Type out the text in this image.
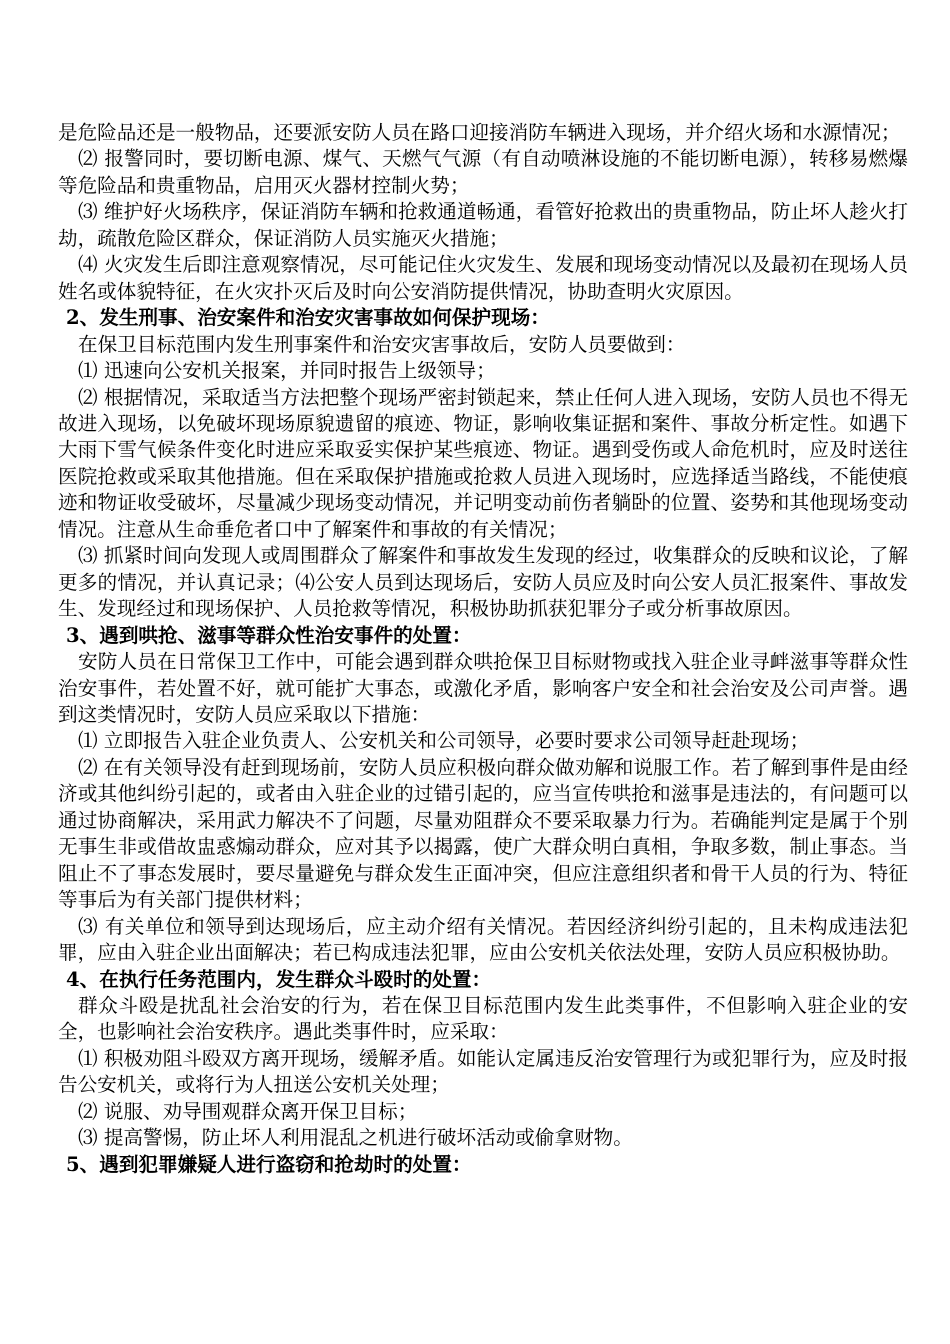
是危险品还是一般物品，还要派安防人员在路口迎接消防车辆进入现场，并介绍火场和水源情况；

⑵ 报警同时，要切断电源、煤气、天燃气气源（有自动喷淋设施的不能切断电源），转移易燃爆等危险品和贵重物品，启用灭火器材控制火势；

⑶ 维护好火场秩序，保证消防车辆和抢救通道畅通，看管好抢救出的贵重物品，防止坏人趁火打劫，疏散危险区群众，保证消防人员实施灭火措施；

⑷ 火灾发生后即注意观察情况，尽可能记住火灾发生、发展和现场变动情况以及最初在现场人员姓名或体貌特征，在火灾扑灭后及时向公安消防提供情况，协助查明火灾原因。

2、发生刑事、治安案件和治安灾害事故如何保护现场：

在保卫目标范围内发生刑事案件和治安灾害事故后，安防人员要做到：

⑴ 迅速向公安机关报案，并同时报告上级领导；

⑵ 根据情况，采取适当方法把整个现场严密封锁起来，禁止任何人进入现场，安防人员也不得无故进入现场，以免破坏现场原貌遗留的痕迹、物证，影响收集证据和案件、事故分析定性。如遇下大雨下雪气候条件变化时进应采取妥实保护某些痕迹、物证。遇到受伤或人命危机时，应及时送往医院抢救或采取其他措施。但在采取保护措施或抢救人员进入现场时，应选择适当路线，不能使痕迹和物证收受破坏，尽量减少现场变动情况，并记明变动前伤者躺卧的位置、姿势和其他现场变动情况。注意从生命垂危者口中了解案件和事故的有关情况；

⑶ 抓紧时间向发现人或周围群众了解案件和事故发生发现的经过，收集群众的反映和议论，了解更多的情况，并认真记录；⑷公安人员到达现场后，安防人员应及时向公安人员汇报案件、事故发生、发现经过和现场保护、人员抢救等情况，积极协助抓获犯罪分子或分析事故原因。

3、遇到哄抢、滋事等群众性治安事件的处置：

安防人员在日常保卫工作中，可能会遇到群众哄抢保卫目标财物或找入驻企业寻衅滋事等群众性治安事件，若处置不好，就可能扩大事态，或激化矛盾，影响客户安全和社会治安及公司声誉。遇到这类情况时，安防人员应采取以下措施：

⑴ 立即报告入驻企业负责人、公安机关和公司领导，必要时要求公司领导赶赴现场；

⑵ 在有关领导没有赶到现场前，安防人员应积极向群众做劝解和说服工作。若了解到事件是由经济或其他纠纷引起的，或者由入驻企业的过错引起的，应当宣传哄抢和滋事是违法的，有问题可以通过协商解决，采用武力解决不了问题，尽量劝阻群众不要采取暴力行为。若确能判定是属于个别无事生非或借故盅惑煽动群众，应对其予以揭露，使广大群众明白真相，争取多数，制止事态。当阻止不了事态发展时，要尽量避免与群众发生正面冲突，但应注意组织者和骨干人员的行为、特征等事后为有关部门提供材料；

⑶ 有关单位和领导到达现场后，应主动介绍有关情况。若因经济纠纷引起的，且未构成违法犯罪，应由入驻企业出面解决；若已构成违法犯罪，应由公安机关依法处理，安防人员应积极协助。

4、在执行任务范围内，发生群众斗殴时的处置：

群众斗殴是扰乱社会治安的行为，若在保卫目标范围内发生此类事件，不但影响入驻企业的安全，也影响社会治安秩序。遇此类事件时，应采取：

⑴ 积极劝阻斗殴双方离开现场，缓解矛盾。如能认定属违反治安管理行为或犯罪行为，应及时报告公安机关，或将行为人扭送公安机关处理；

⑵ 说服、劝导围观群众离开保卫目标；

⑶ 提高警惕，防止坏人利用混乱之机进行破坏活动或偷拿财物。

5、遇到犯罪嫌疑人进行盗窃和抢劫时的处置：
